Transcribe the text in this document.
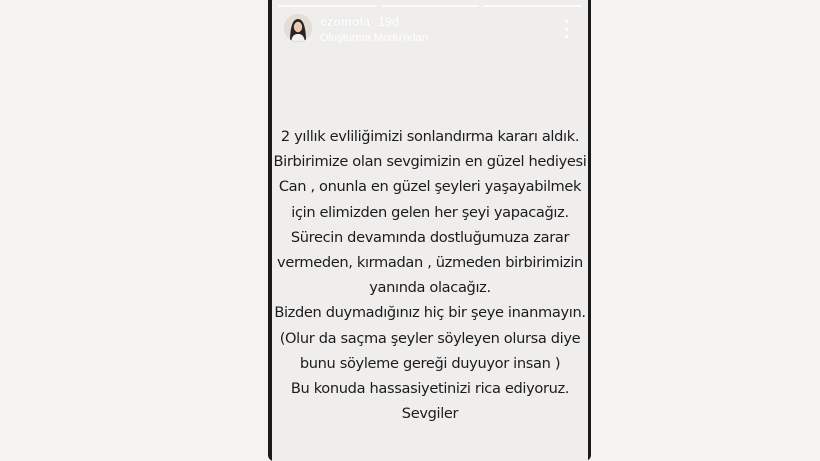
ezomola 19d
Oluşturma Modu'ndan
2 yıllık evliliğimizi sonlandırma kararı aldık.
Birbirimize olan sevgimizin en güzel hediyesi
Can , onunla en güzel şeyleri yaşayabilmek
için elimizden gelen her şeyi yapacağız.
Sürecin devamında dostluğumuza zarar
vermeden, kırmadan , üzmeden birbirimizin
yanında olacağız.
Bizden duymadığınız hiç bir şeye inanmayın.
(Olur da saçma şeyler söyleyen olursa diye
bunu söyleme gereği duyuyor insan )
Bu konuda hassasiyetinizi rica ediyoruz.
Sevgiler
